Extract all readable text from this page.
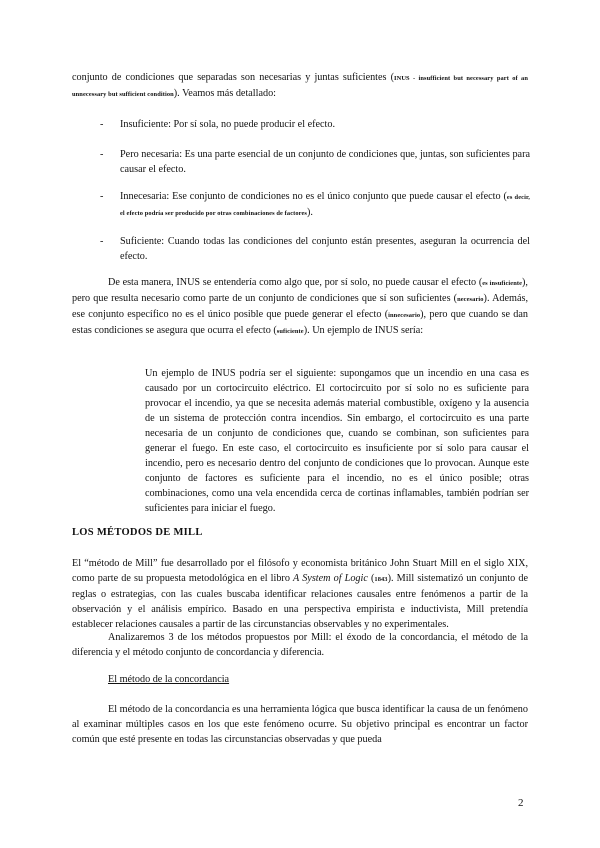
conjunto de condiciones que separadas son necesarias y juntas suficientes (INUS - insufficient but necessary part of an unnecessary but sufficient condition). Veamos más detallado:

- Insuficiente: Por sí sola, no puede producir el efecto.
- Pero necesaria: Es una parte esencial de un conjunto de condiciones que, juntas, son suficientes para causar el efecto.
- Innecesaria: Ese conjunto de condiciones no es el único conjunto que puede causar el efecto (es decir, el efecto podría ser producido por otras combinaciones de factores).
- Suficiente: Cuando todas las condiciones del conjunto están presentes, aseguran la ocurrencia del efecto.

De esta manera, INUS se entendería como algo que, por sí solo, no puede causar el efecto (es insuficiente), pero que resulta necesario como parte de un conjunto de condiciones que sí son suficientes (necesario). Además, ese conjunto específico no es el único posible que puede generar el efecto (innecesario), pero que cuando se dan estas condiciones se asegura que ocurra el efecto (suficiente). Un ejemplo de INUS sería:

Un ejemplo de INUS podría ser el siguiente: supongamos que un incendio en una casa es causado por un cortocircuito eléctrico. El cortocircuito por sí solo no es suficiente para provocar el incendio, ya que se necesita además material combustible, oxígeno y la ausencia de un sistema de protección contra incendios. Sin embargo, el cortocircuito es una parte necesaria de un conjunto de condiciones que, cuando se combinan, son suficientes para generar el fuego. En este caso, el cortocircuito es insuficiente por sí solo para causar el incendio, pero es necesario dentro del conjunto de condiciones que lo provocan. Aunque este conjunto de factores es suficiente para el incendio, no es el único posible; otras combinaciones, como una vela encendida cerca de cortinas inflamables, también podrían ser suficientes para iniciar el fuego.

LOS MÉTODOS DE MILL

El “método de Mill” fue desarrollado por el filósofo y economista británico John Stuart Mill en el siglo XIX, como parte de su propuesta metodológica en el libro A System of Logic (1843). Mill sistematizó un conjunto de reglas o estrategias, con las cuales buscaba identificar relaciones causales entre fenómenos a partir de la observación y el análisis empírico. Basado en una perspectiva empirista e inductivista, Mill pretendía establecer relaciones causales a partir de las circunstancias observables y no experimentales.

Analizaremos 3 de los métodos propuestos por Mill: el éxodo de la concordancia, el método de la diferencia y el método conjunto de concordancia y diferencia.

El método de la concordancia

El método de la concordancia es una herramienta lógica que busca identificar la causa de un fenómeno al examinar múltiples casos en los que este fenómeno ocurre. Su objetivo principal es encontrar un factor común que esté presente en todas las circunstancias observadas y que pueda

2
